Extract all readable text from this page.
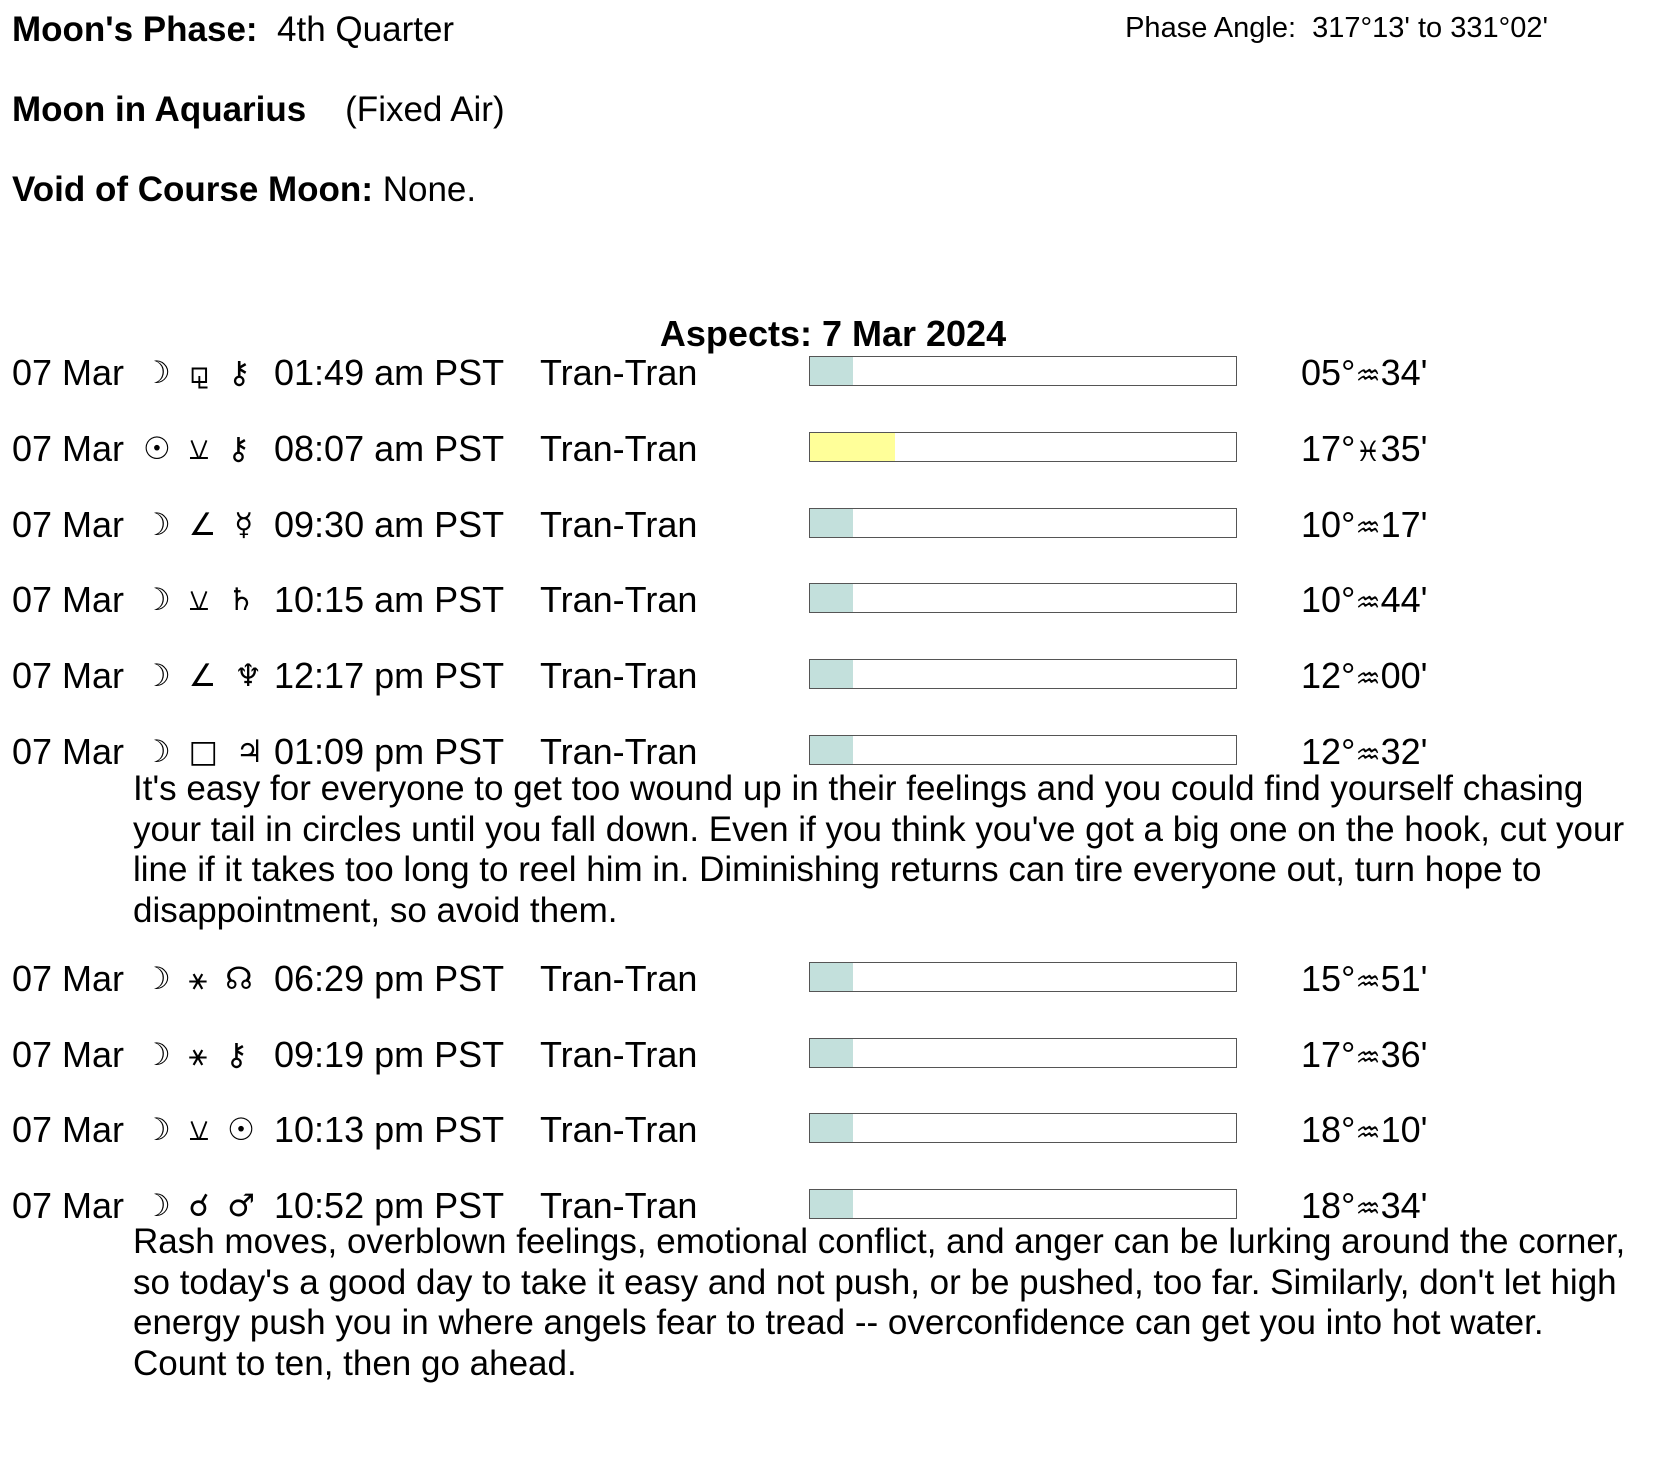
Moon's Phase: 4th Quarter	Phase Angle: 317°13' to 331°02'
Moon in Aquarius (Fixed Air)
Void of Course Moon: None.
Aspects: 7 Mar 2024
07 Mar ☽ ⚼ ⚷ 01:49 am PST Tran-Tran	05°♒34'
07 Mar ☉ ⚺ ⚷ 08:07 am PST Tran-Tran	17°♓35'
07 Mar ☽ ∠ ☿ 09:30 am PST Tran-Tran	10°♒17'
07 Mar ☽ ⚺ ♄ 10:15 am PST Tran-Tran	10°♒44'
07 Mar ☽ ∠ ♆ 12:17 pm PST Tran-Tran	12°♒00'
07 Mar ☽ □ ♃ 01:09 pm PST Tran-Tran	12°♒32'
It's easy for everyone to get too wound up in their feelings and you could find yourself chasing your tail in circles until you fall down. Even if you think you've got a big one on the hook, cut your line if it takes too long to reel him in. Diminishing returns can tire everyone out, turn hope to disappointment, so avoid them.
07 Mar ☽ ⚹ ☊ 06:29 pm PST Tran-Tran	15°♒51'
07 Mar ☽ ⚹ ⚷ 09:19 pm PST Tran-Tran	17°♒36'
07 Mar ☽ ⚺ ☉ 10:13 pm PST Tran-Tran	18°♒10'
07 Mar ☽ ☌ ♂ 10:52 pm PST Tran-Tran	18°♒34'
Rash moves, overblown feelings, emotional conflict, and anger can be lurking around the corner, so today's a good day to take it easy and not push, or be pushed, too far. Similarly, don't let high energy push you in where angels fear to tread -- overconfidence can get you into hot water. Count to ten, then go ahead.
